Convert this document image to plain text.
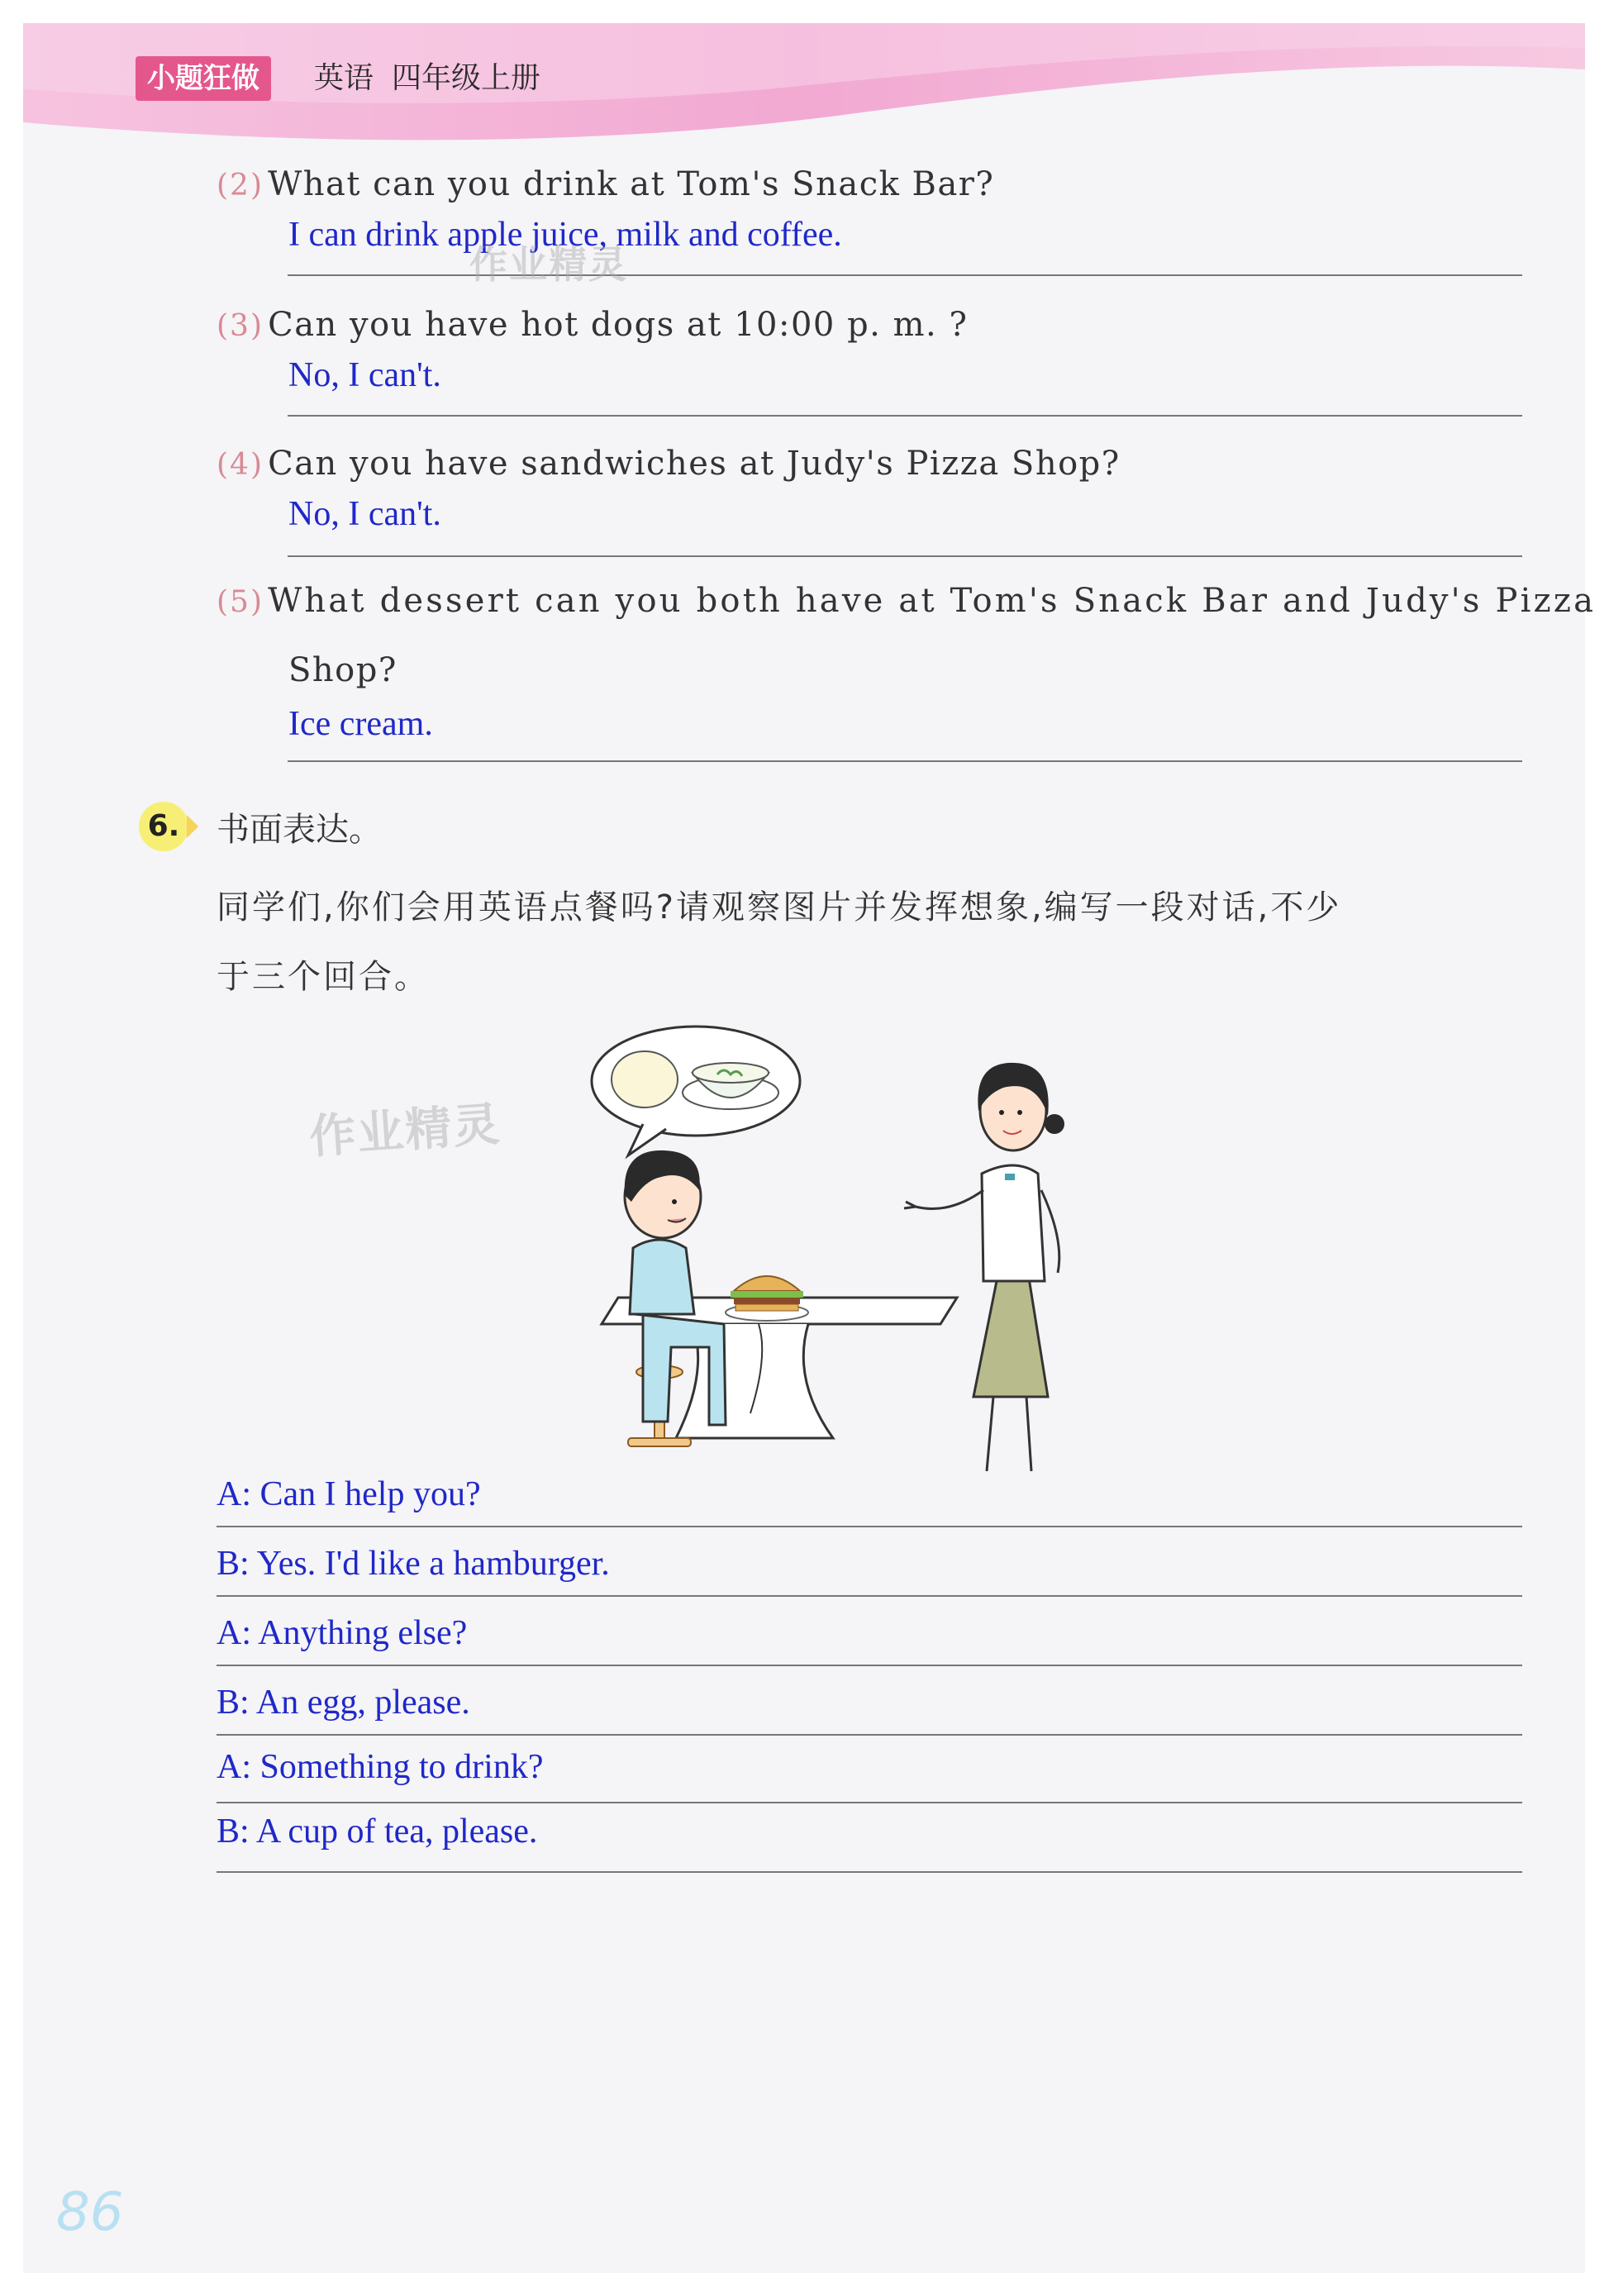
小题狂做	英语 四年级上册
(2) What can you drink at Tom's Snack Bar?
I can drink apple juice, milk and coffee.
(3) Can you have hot dogs at 10:00 p. m. ?
No, I can't.
(4) Can you have sandwiches at Judy's Pizza Shop?
No, I can't.
(5) What dessert can you both have at Tom's Snack Bar and Judy's Pizza
Shop?
Ice cream.
6. 书面表达。
同学们,你们会用英语点餐吗?请观察图片并发挥想象,编写一段对话,不少
于三个回合。
A: Can I help you?
B: Yes. I'd like a hamburger.
A: Anything else?
B: An egg, please.
A: Something to drink?
B: A cup of tea, please.
作业精灵
作业精灵
86
